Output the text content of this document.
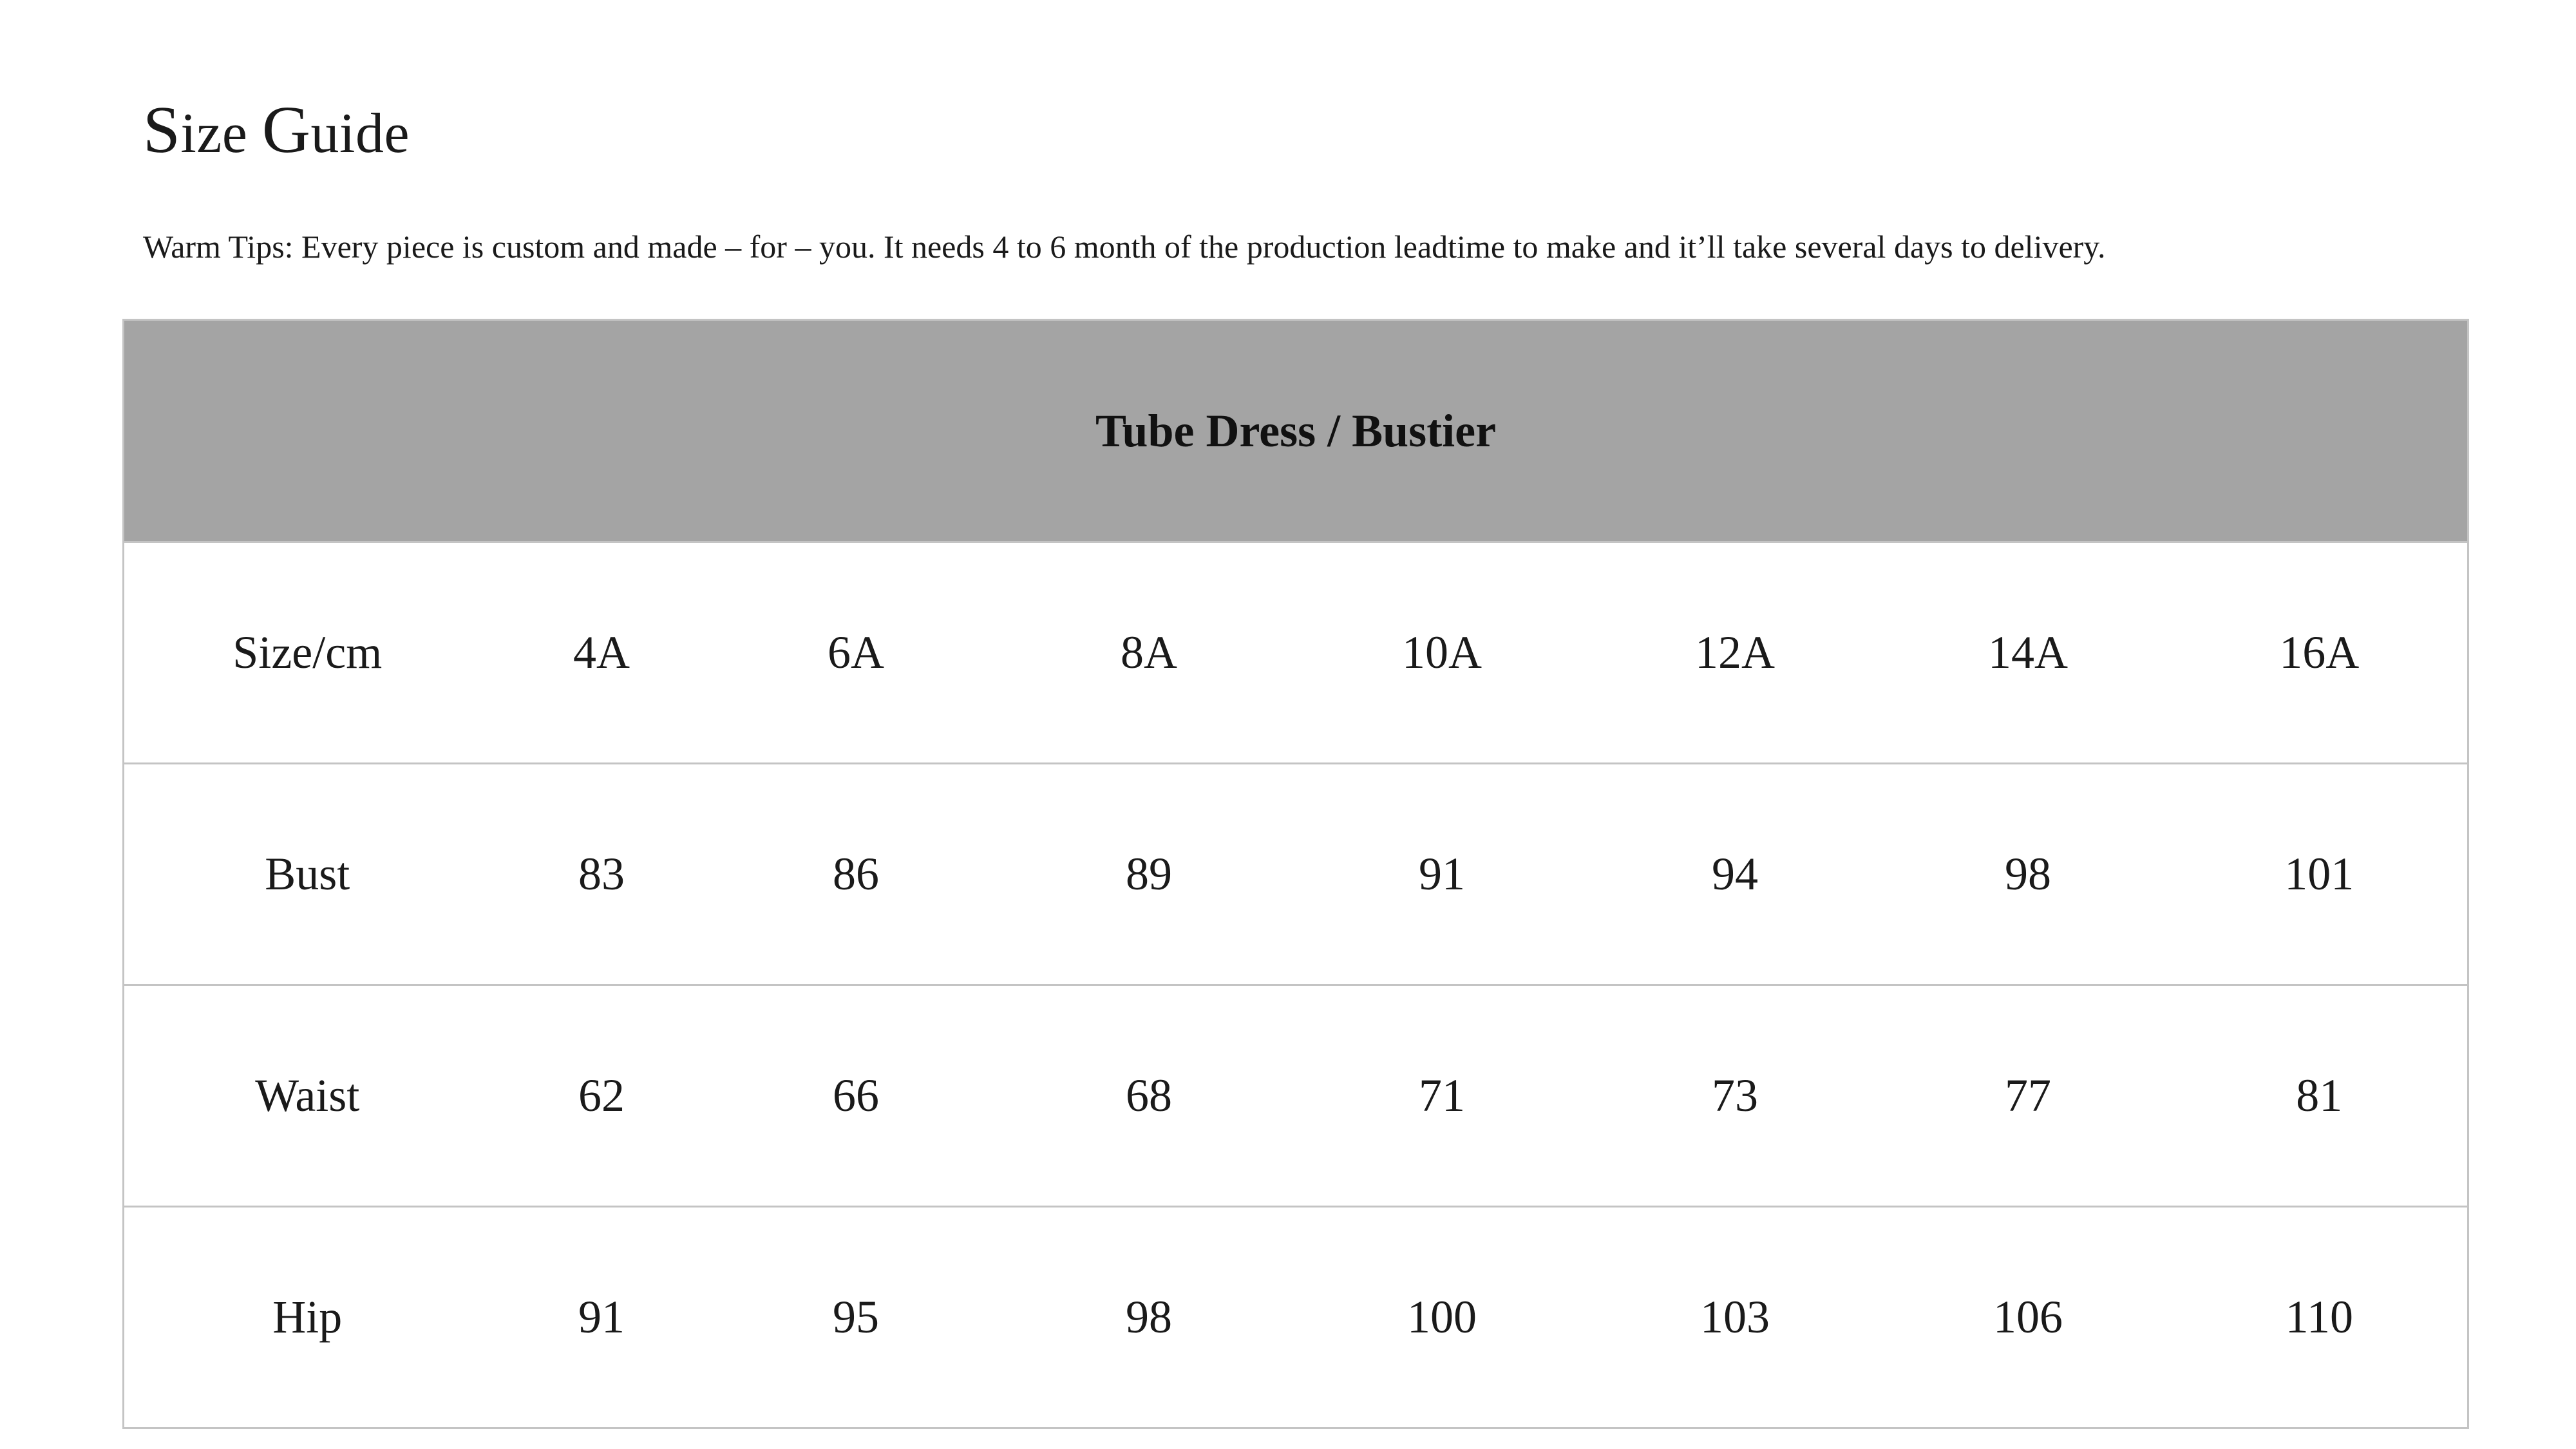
Size Guide

Warm Tips: Every piece is custom and made – for – you. It needs 4 to 6 month of the production leadtime to make and it’ll take several days to delivery.

Tube Dress / Bustier							
Size/cm	4A	6A	8A	10A	12A	14A	16A
Bust	83	86	89	91	94	98	101
Waist	62	66	68	71	73	77	81
Hip	91	95	98	100	103	106	110
